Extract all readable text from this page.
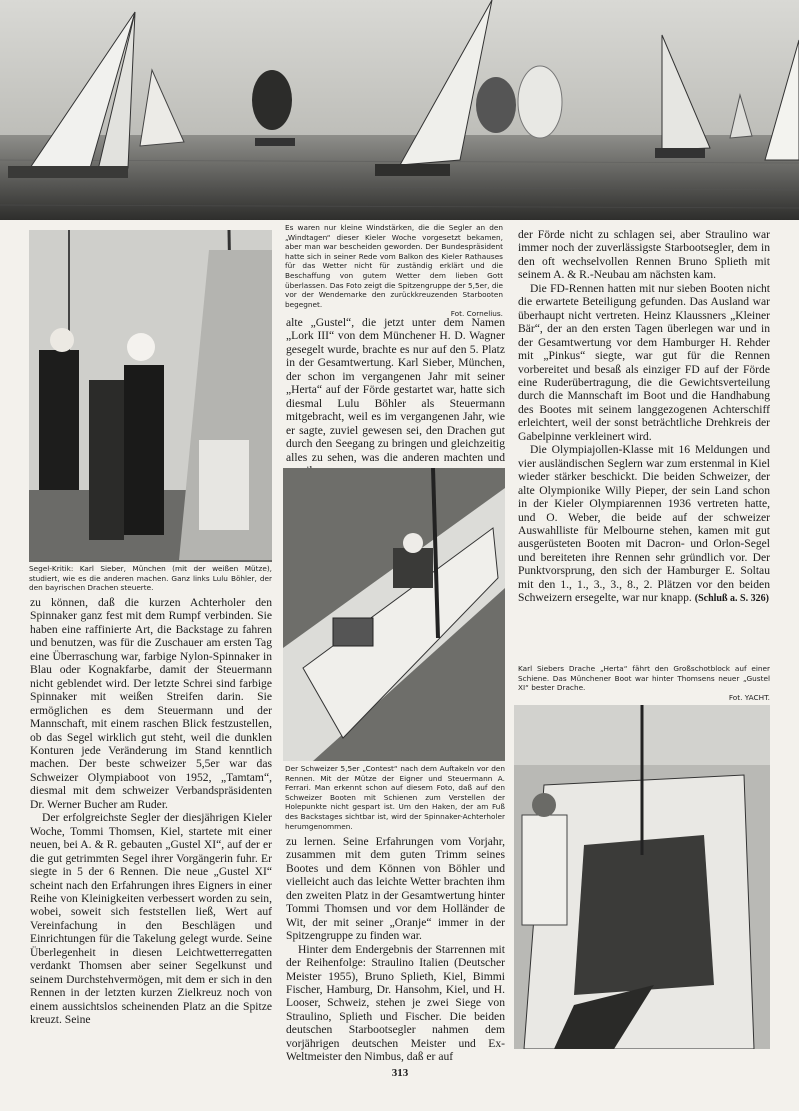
Es waren nur kleine Windstärken, die die Segler an den „Windtagen“ dieser Kieler Woche vorgesetzt bekamen, aber man war bescheiden geworden. Der Bundespräsident hatte sich in seiner Rede vom Balkon des Kieler Rathauses für das Wetter nicht für zuständig erklärt und die Beschaffung von gutem Wetter dem lieben Gott überlassen. Das Foto zeigt die Spitzengruppe der 5,5er, die vor der Wendemarke den zurückkreuzenden Starbooten begegnet.
Fot. Cornelius.

Segel-Kritik: Karl Sieber, München (mit der weißen Mütze), studiert, wie es die anderen machen. Ganz links Lulu Böhler, der den bayrischen Drachen steuerte.

zu können, daß die kurzen Achterholer den Spinnaker ganz fest mit dem Rumpf verbinden. Sie haben eine raffinierte Art, die Backstage zu fahren und benutzen, was für die Zuschauer am ersten Tag eine Überraschung war, farbige Nylon-Spinnaker in Blau oder Kognakfarbe, damit der Steuermann nicht geblendet wird. Der letzte Schrei sind farbige Spinnaker mit weißen Streifen darin. Sie ermöglichen es dem Steuermann und der Mannschaft, mit einem raschen Blick festzustellen, ob das Segel wirklich gut steht, weil die dunklen Konturen jede Veränderung im Stand kenntlich machen. Der beste schweizer 5,5er war das Schweizer Olympiaboot von 1952, „Tamtam“, diesmal mit dem schweizer Verbandspräsidenten Dr. Werner Bucher am Ruder.

Der erfolgreichste Segler der diesjährigen Kieler Woche, Tommi Thomsen, Kiel, startete mit einer neuen, bei A. & R. gebauten „Gustel XI“, auf der er die gut getrimmten Segel ihrer Vorgängerin fuhr. Er siegte in 5 der 6 Rennen. Die neue „Gustel XI“ scheint nach den Erfahrungen ihres Eigners in einer Reihe von Kleinigkeiten verbessert worden zu sein, wobei, soweit sich feststellen ließ, Wert auf Vereinfachung in den Beschlägen und Einrichtungen für die Takelung gelegt wurde. Seine Überlegenheit in diesen Leichtwetterregatten verdankt Thomsen aber seiner Segelkunst und seinem Durchstehvermögen, mit dem er sich in den Rennen in der letzten kurzen Zielkreuz noch von einem aussichtslos scheinenden Platz an die Spitze kreuzt. Seine

alte „Gustel“, die jetzt unter dem Namen „Lork III“ von dem Münchener H. D. Wagner gesegelt wurde, brachte es nur auf den 5. Platz in der Gesamtwertung. Karl Sieber, München, der schon im vergangenen Jahr mit seiner „Herta“ auf der Förde gestartet war, hatte sich diesmal Lulu Böhler als Steuermann mitgebracht, weil es im vergangenen Jahr, wie er sagte, zuviel gewesen sei, den Drachen gut durch den Seegang zu bringen und gleichzeitig alles zu sehen, was die anderen machten und

Der Schweizer 5,5er „Contest“ nach dem Auftakeln vor den Rennen. Mit der Mütze der Eigner und Steuermann A. Ferrari. Man erkennt schon auf diesem Foto, daß auf den Schweizer Booten mit Schienen zum Verstellen der Holepunkte nicht gespart ist. Um den Haken, der am Fuß des Backstages sichtbar ist, wird der Spinnaker-Achterholer herumgenommen.

zu lernen. Seine Erfahrungen vom Vorjahr, zusammen mit dem guten Trimm seines Bootes und dem Können von Böhler und vielleicht auch das leichte Wetter brachten ihm den zweiten Platz in der Gesamtwertung hinter Tommi Thomsen und vor dem Holländer de Wit, der mit seiner „Oranje“ immer in der Spitzengruppe zu finden war.

Hinter dem Endergebnis der Starrennen mit der Reihenfolge: Straulino Italien (Deutscher Meister 1955), Bruno Splieth, Kiel, Bimmi Fischer, Hamburg, Dr. Hansohm, Kiel, und H. Looser, Schweiz, stehen je zwei Siege von Straulino, Splieth und Fischer. Die beiden deutschen Starbootsegler nahmen dem vorjährigen deutschen Meister und Ex-Weltmeister den Nimbus, daß er auf

der Förde nicht zu schlagen sei, aber Straulino war immer noch der zuverlässigste Starbootsegler, dem in den oft wechselvollen Rennen Bruno Splieth mit seinem A. & R.-Neubau am nächsten kam.

Die FD-Rennen hatten mit nur sieben Booten nicht die erwartete Beteiligung gefunden. Das Ausland war überhaupt nicht vertreten. Heinz Klaussners „Kleiner Bär“, der an den ersten Tagen überlegen war und in der Gesamtwertung vor dem Hamburger H. Rehder mit „Pinkus“ siegte, war gut für die Rennen vorbereitet und besaß als einziger FD auf der Förde eine Ruderübertragung, die die Gewichtsverteilung durch die Mannschaft im Boot und die Handhabung des Bootes mit seinem langgezogenen Achterschiff erleichtert, weil der sonst beträchtliche Drehkreis der Gabelpinne verkleinert wird.

Die Olympiajollen-Klasse mit 16 Meldungen und vier ausländischen Seglern war zum erstenmal in Kiel wieder stärker beschickt. Die beiden Schweizer, der alte Olympionike Willy Pieper, der sein Land schon in der Kieler Olympiarennen 1936 vertreten hatte, und O. Weber, die beide auf der schweizer Auswahlliste für Melbourne stehen, kamen mit gut ausgerüsteten Booten mit Dacron- und Orlon-Segel und bereiteten ihre Rennen sehr gründlich vor. Der Punktvorsprung, den sich der Hamburger E. Soltau mit den 1., 1., 3., 3., 8., 2. Plätzen vor den beiden Schweizern ersegelte, war nur knapp. (Schluß a. S. 326)

Karl Siebers Drache „Herta“ fährt den Großschotblock auf einer Schiene. Das Münchener Boot war hinter Thomsens neuer „Gustel XI“ bester Drache.
Fot. YACHT.

313
